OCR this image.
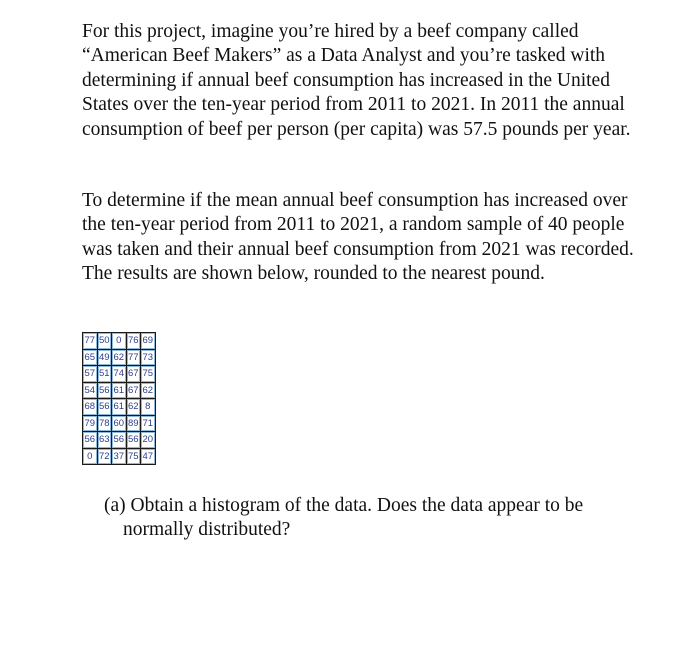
For this project, imagine you’re hired by a beef company called “American Beef Makers” as a Data Analyst and you’re tasked with determining if annual beef consumption has increased in the United States over the ten-year period from 2011 to 2021. In 2011 the annual consumption of beef per person (per capita) was 57.5 pounds per year.

To determine if the mean annual beef consumption has increased over the ten-year period from 2011 to 2021, a random sample of 40 people was taken and their annual beef consumption from 2021 was recorded. The results are shown below, rounded to the nearest pound.

77	50	0	76	69
65	49	62	77	73
57	51	74	67	75
54	56	61	67	62
68	56	61	62	8
79	78	60	89	71
56	63	56	56	20
0	72	37	75	47

(a) Obtain a histogram of the data. Does the data appear to be
normally distributed?
